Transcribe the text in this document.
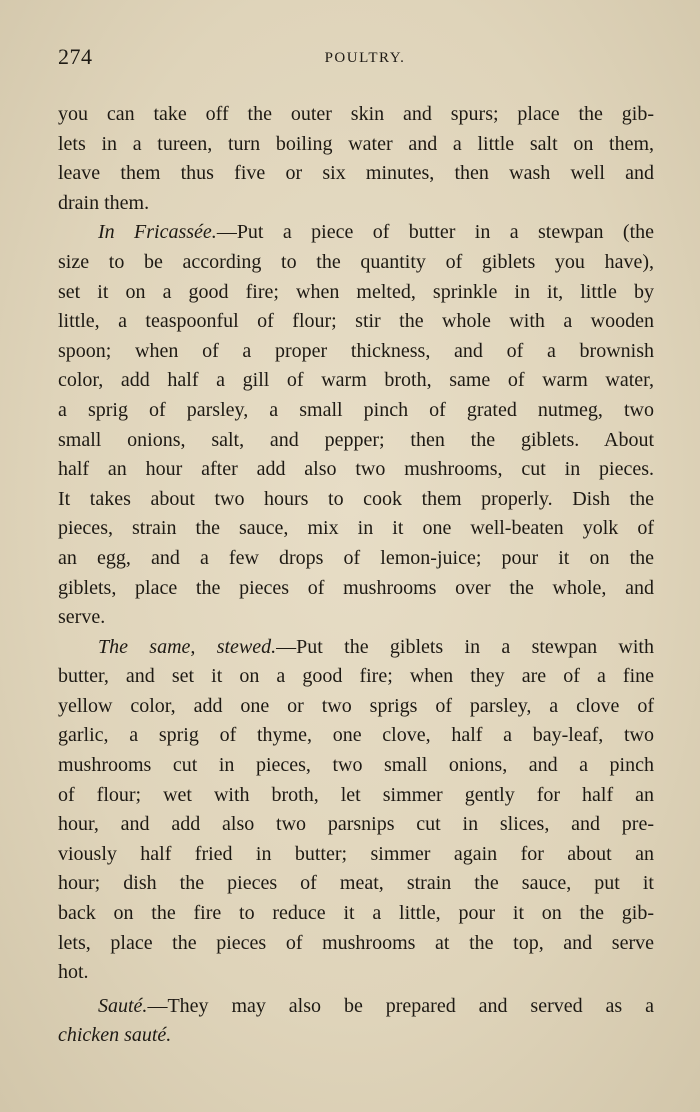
274	POULTRY.
you can take off the outer skin and spurs; place the gib-
lets in a tureen, turn boiling water and a little salt on them,
leave them thus five or six minutes, then wash well and
drain them.
In Fricassée.—Put a piece of butter in a stewpan (the
size to be according to the quantity of giblets you have),
set it on a good fire; when melted, sprinkle in it, little by
little, a teaspoonful of flour; stir the whole with a wooden
spoon; when of a proper thickness, and of a brownish
color, add half a gill of warm broth, same of warm water,
a sprig of parsley, a small pinch of grated nutmeg, two
small onions, salt, and pepper; then the giblets. About
half an hour after add also two mushrooms, cut in pieces.
It takes about two hours to cook them properly. Dish the
pieces, strain the sauce, mix in it one well-beaten yolk of
an egg, and a few drops of lemon-juice; pour it on the
giblets, place the pieces of mushrooms over the whole, and
serve.
The same, stewed.—Put the giblets in a stewpan with
butter, and set it on a good fire; when they are of a fine
yellow color, add one or two sprigs of parsley, a clove of
garlic, a sprig of thyme, one clove, half a bay-leaf, two
mushrooms cut in pieces, two small onions, and a pinch
of flour; wet with broth, let simmer gently for half an
hour, and add also two parsnips cut in slices, and pre-
viously half fried in butter; simmer again for about an
hour; dish the pieces of meat, strain the sauce, put it
back on the fire to reduce it a little, pour it on the gib-
lets, place the pieces of mushrooms at the top, and serve
hot.
Sauté.—They may also be prepared and served as a
chicken sauté.
